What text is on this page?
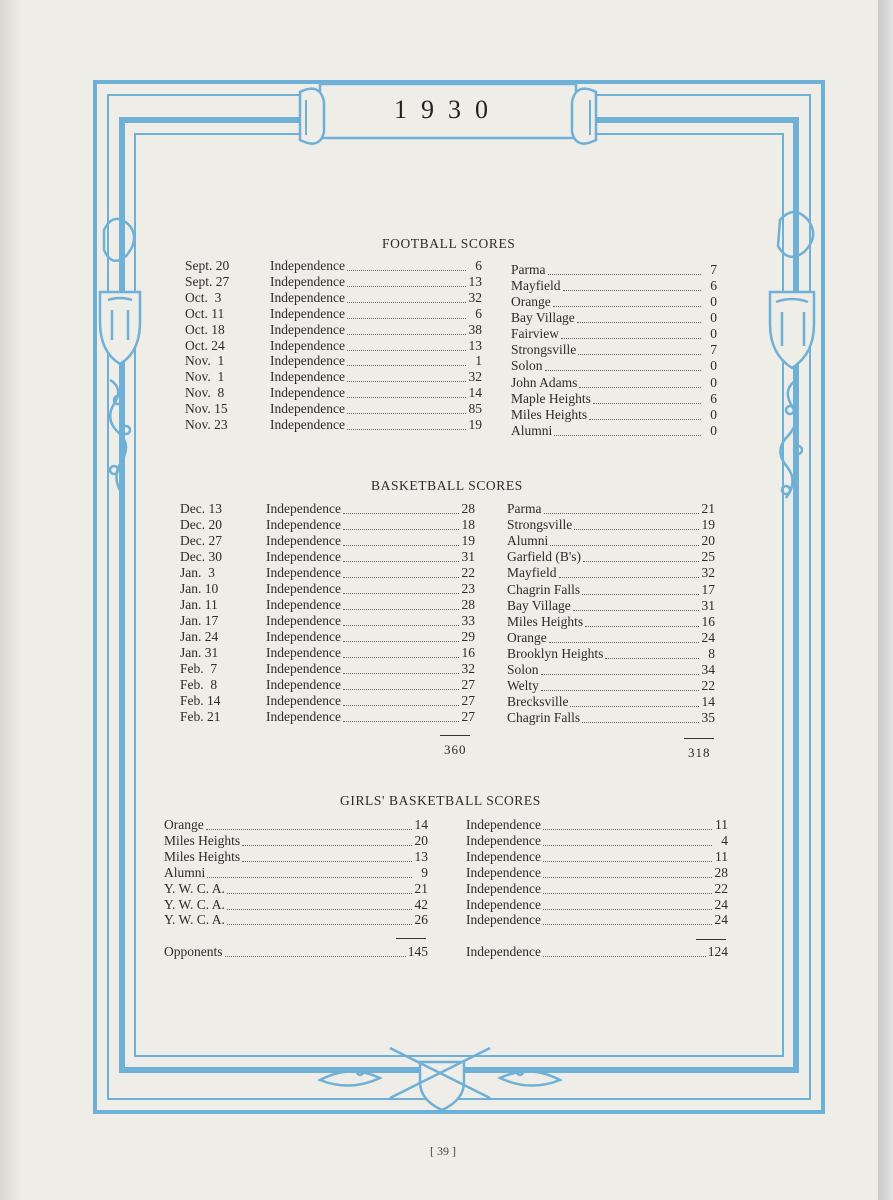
1930
FOOTBALL SCORES
Sept. 20	Independence	6 Parma	7
Sept. 27	Independence	13 Mayfield	6
Oct.  3	Independence	32 Orange	0
Oct. 11	Independence	6 Bay Village	0
Oct. 18	Independence	38 Fairview	0
Oct. 24	Independence	13 Strongsville	7
Nov.  1	Independence	1 Solon	0
Nov.  1	Independence	32 John Adams	0
Nov.  8	Independence	14 Maple Heights	6
Nov. 15	Independence	85 Miles Heights	0
Nov. 23	Independence	19 Alumni	0
BASKETBALL SCORES
Dec. 13	Independence	28 Parma	21
Dec. 20	Independence	18 Strongsville	19
Dec. 27	Independence	19 Alumni	20
Dec. 30	Independence	31 Garfield (B's)	25
Jan.  3	Independence	22 Mayfield	32
Jan. 10	Independence	23 Chagrin Falls	17
Jan. 11	Independence	28 Bay Village	31
Jan. 17	Independence	33 Miles Heights	16
Jan. 24	Independence	29 Orange	24
Jan. 31	Independence	16 Brooklyn Heights	8
Feb.  7	Independence	32 Solon	34
Feb.  8	Independence	27 Welty	22
Feb. 14	Independence	27 Brecksville	14
Feb. 21	Independence	27 Chagrin Falls	35
360	318
GIRLS' BASKETBALL SCORES
Orange	14	Independence	11
Miles Heights	20	Independence	4
Miles Heights	13	Independence	11
Alumni	9	Independence	28
Y. W. C. A.	21	Independence	22
Y. W. C. A.	42	Independence	24
Y. W. C. A.	26	Independence	24
Opponents	145	Independence	124
[ 39 ]
